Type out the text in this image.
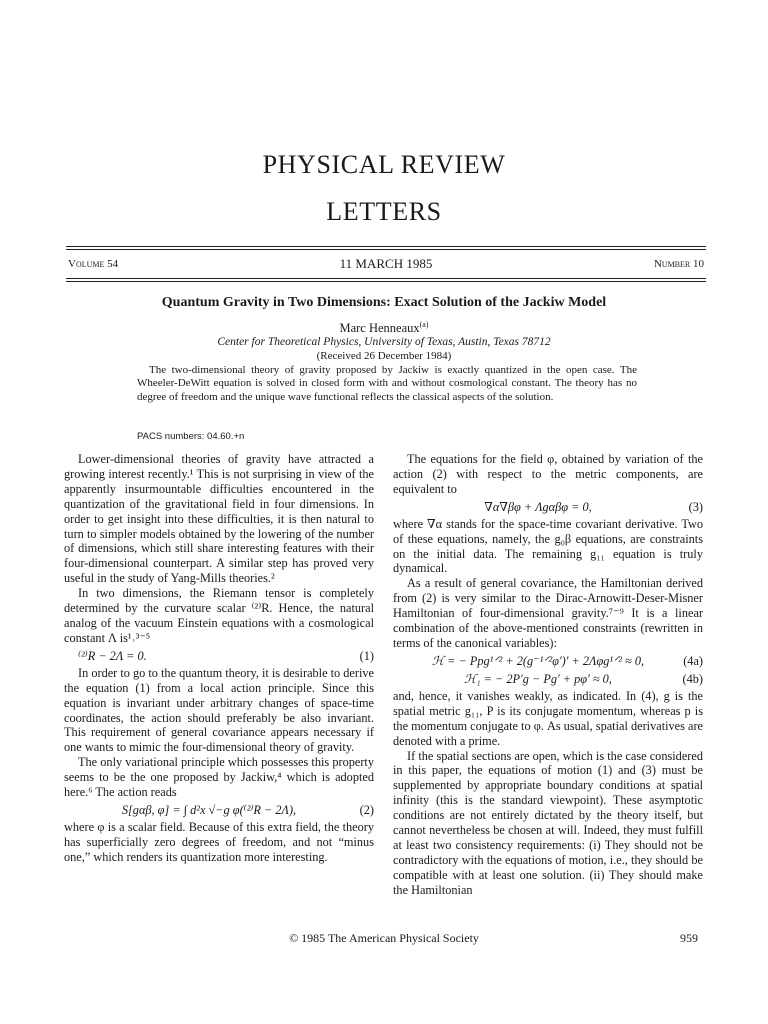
PHYSICAL REVIEW
LETTERS
Volume 54	11 MARCH 1985	Number 10
Quantum Gravity in Two Dimensions: Exact Solution of the Jackiw Model
Marc Henneaux$^{(a)}$
Center for Theoretical Physics, University of Texas, Austin, Texas 78712
(Received 26 December 1984)

The two-dimensional theory of gravity proposed by Jackiw is exactly quantized in the open case. The Wheeler-DeWitt equation is solved in closed form with and without cosmological constant. The theory has no degree of freedom and the unique wave functional reflects the classical aspects of the solution.

PACS numbers: 04.60.+n

Lower-dimensional theories of gravity have attracted a growing interest recently.¹ This is not surprising in view of the apparently insurmountable difficulties encountered in the quantization of the gravitational field in four dimensions. In order to get insight into these difficulties, it is then natural to turn to simpler models obtained by the lowering of the number of dimensions, which still share interesting features with their four-dimensional counterpart. A similar step has proved very useful in the study of Yang-Mills theories.²

In two dimensions, the Riemann tensor is completely determined by the curvature scalar ⁽²⁾R. Hence, the natural analog of the vacuum Einstein equations with a cosmological constant Λ is¹˒³⁻⁵

⁽²⁾R − 2Λ = 0.	(1)

In order to go to the quantum theory, it is desirable to derive the equation (1) from a local action principle. Since this equation is invariant under arbitrary changes of space-time coordinates, the action should preferably be also invariant. This requirement of general covariance appears necessary if one wants to mimic the four-dimensional theory of gravity.

The only variational principle which possesses this property seems to be the one proposed by Jackiw,⁴ which is adopted here.⁶ The action reads

S[gαβ, φ] = ∫ d²x √−g φ(⁽²⁾R − 2Λ),	(2)

where φ is a scalar field. Because of this extra field, the theory has superficially zero degrees of freedom, and not “minus one,” which renders its quantization more interesting.

The equations for the field φ, obtained by variation of the action (2) with respect to the metric components, are equivalent to

∇α∇βφ + Λgαβφ = 0,	(3)

where ∇α stands for the space-time covariant derivative. Two of these equations, namely, the g₀β equations, are constraints on the initial data. The remaining g₁₁ equation is truly dynamical.

As a result of general covariance, the Hamiltonian derived from (2) is very similar to the Dirac-Arnowitt-Deser-Misner Hamiltonian of four-dimensional gravity.⁷⁻⁹ It is a linear combination of the above-mentioned constraints (rewritten in terms of the canonical variables):

ℋ = − Ppg¹ᐟ² + 2(g⁻¹ᐟ²φ′)′ + 2Λφg¹ᐟ² ≈ 0,	(4a)
ℋ₁ = − 2P′g − Pg′ + pφ′ ≈ 0,	(4b)

and, hence, it vanishes weakly, as indicated. In (4), g is the spatial metric g₁₁, P is its conjugate momentum, whereas p is the momentum conjugate to φ. As usual, spatial derivatives are denoted with a prime.

If the spatial sections are open, which is the case considered in this paper, the equations of motion (1) and (3) must be supplemented by appropriate boundary conditions at spatial infinity (this is the standard viewpoint). These asymptotic conditions are not entirely dictated by the theory itself, but cannot nevertheless be chosen at will. Indeed, they must fulfill at least two consistency requirements: (i) They should not be contradictory with the equations of motion, i.e., they should be compatible with at least one solution. (ii) They should make the Hamiltonian

© 1985 The American Physical Society	959
